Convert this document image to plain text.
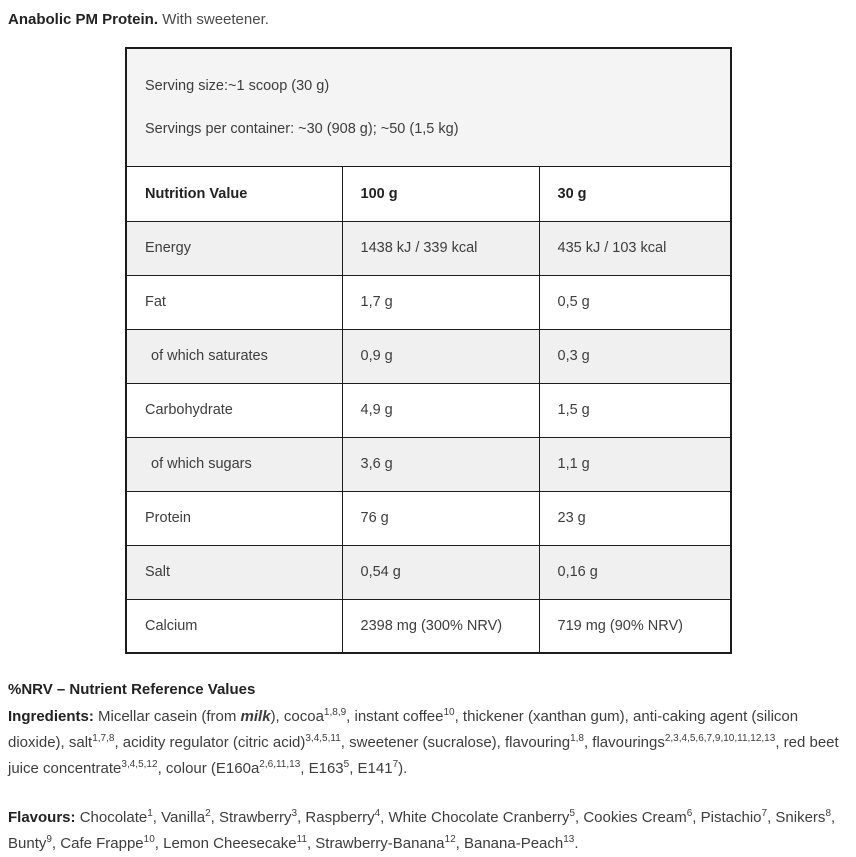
Anabolic PM Protein. With sweetener.

Serving size:~1 scoop (30 g)
Servings per container: ~30 (908 g); ~50 (1,5 kg)		

Nutrition Value	100 g	30 g
Energy	1438 kJ / 339 kcal	435 kJ / 103 kcal
Fat	1,7 g	0,5 g
of which saturates	0,9 g	0,3 g
Carbohydrate	4,9 g	1,5 g
of which sugars	3,6 g	1,1 g
Protein	76 g	23 g
Salt	0,54 g	0,16 g
Calcium	2398 mg (300% NRV)	719 mg (90% NRV)

%NRV – Nutrient Reference Values

Ingredients: Micellar casein (from milk), cocoa$^{1,8,9}$, instant coffee$^{10}$, thickener (xanthan gum), anti-caking agent (silicon dioxide), salt$^{1,7,8}$, acidity regulator (citric acid)$^{3,4,5,11}$, sweetener (sucralose), flavouring$^{1,8}$, flavourings$^{2,3,4,5,6,7,9,10,11,12,13}$, red beet juice concentrate$^{3,4,5,12}$, colour ($E160a^{2,6,11,13}$, $E163^5$, $E141^7$).

Flavours: Chocolate$^1$, Vanilla$^2$, Strawberry$^3$, Raspberry$^4$, White Chocolate Cranberry$^5$, Cookies Cream$^6$, Pistachio$^7$, Snikers$^8$, Bunty$^9$, Cafe Frappe$^{10}$, Lemon Cheesecake$^{11}$, Strawberry-Banana$^{12}$, Banana-Peach$^{13}$.
